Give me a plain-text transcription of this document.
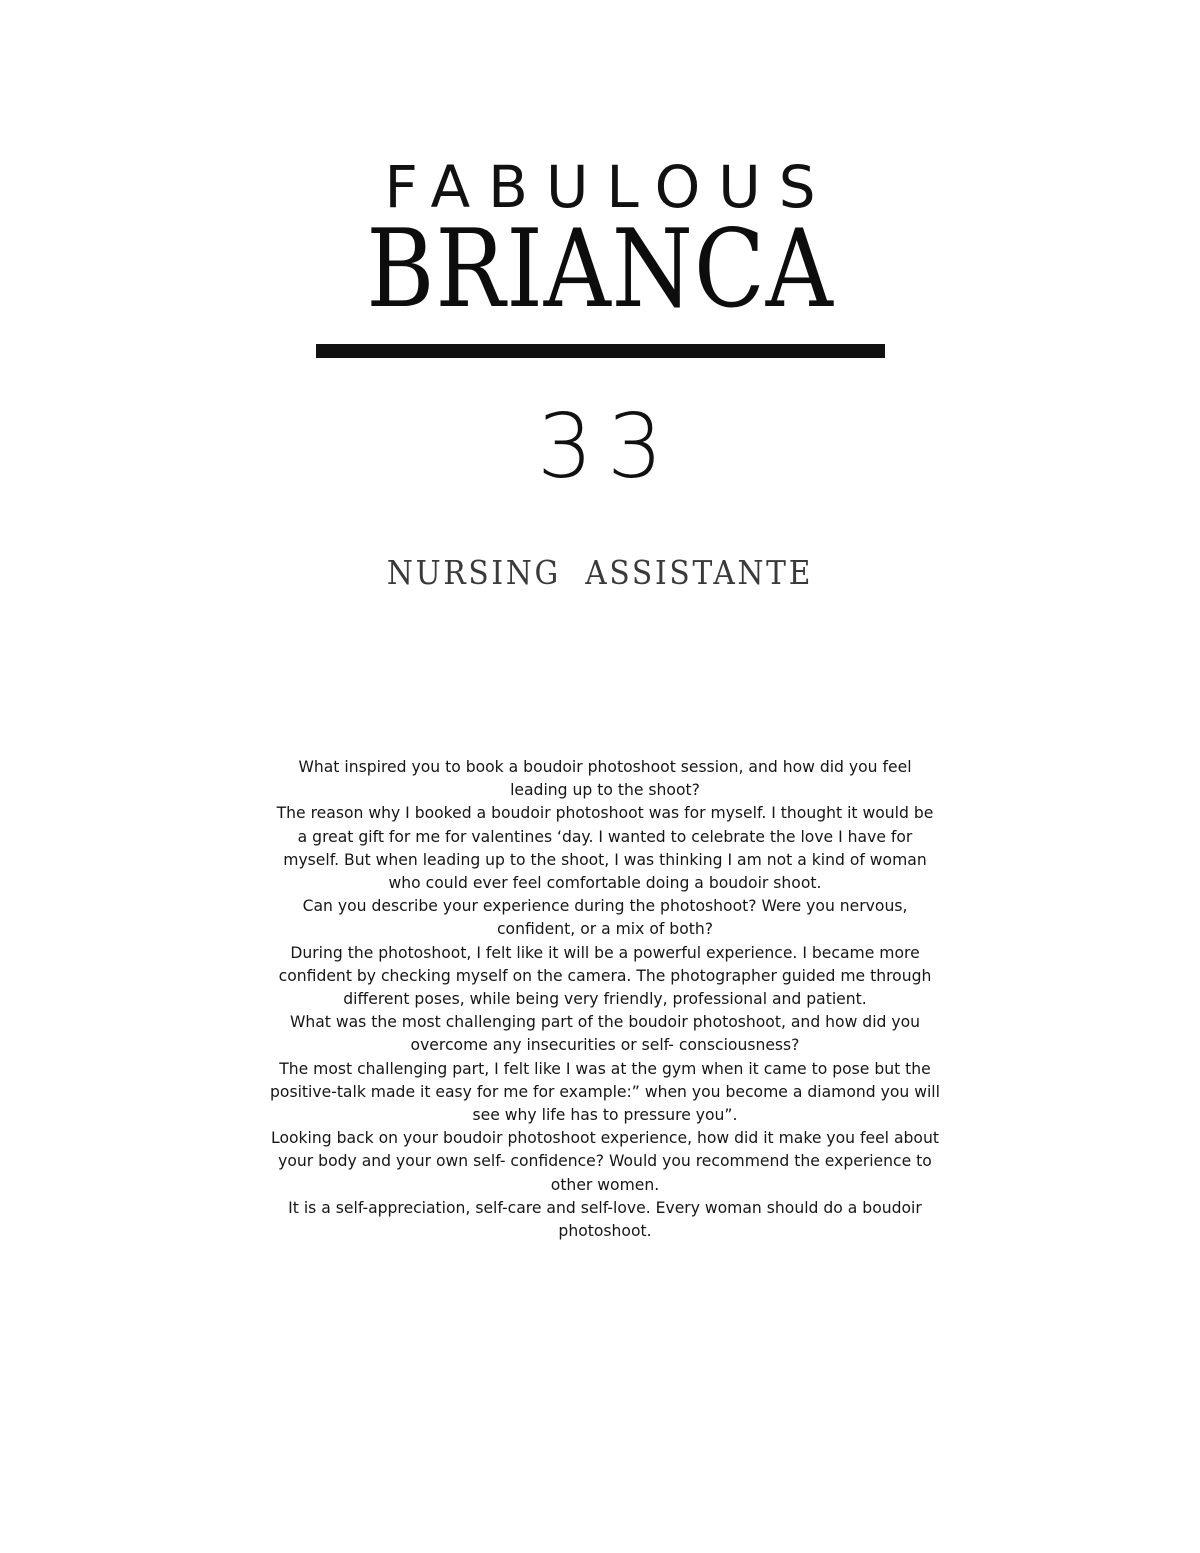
FABULOUS
BRIANCA
33
NURSING  ASSISTANTE

What inspired you to book a boudoir photoshoot session, and how did you feel leading up to the shoot?

The reason why I booked a boudoir photoshoot was for myself. I thought it would be a great gift for me for valentines ‘day. I wanted to celebrate the love I have for myself. But when leading up to the shoot, I was thinking I am not a kind of woman who could ever feel comfortable doing a boudoir shoot.

Can you describe your experience during the photoshoot? Were you nervous, confident, or a mix of both?

During the photoshoot, I felt like it will be a powerful experience. I became more confident by checking myself on the camera. The photographer guided me through different poses, while being very friendly, professional and patient.

What was the most challenging part of the boudoir photoshoot, and how did you overcome any insecurities or self- consciousness?

The most challenging part, I felt like I was at the gym when it came to pose but the positive-talk made it easy for me for example:” when you become a diamond you will see why life has to pressure you”.

Looking back on your boudoir photoshoot experience, how did it make you feel about your body and your own self- confidence? Would you recommend the experience to other women.

It is a self-appreciation, self-care and self-love. Every woman should do a boudoir photoshoot.
